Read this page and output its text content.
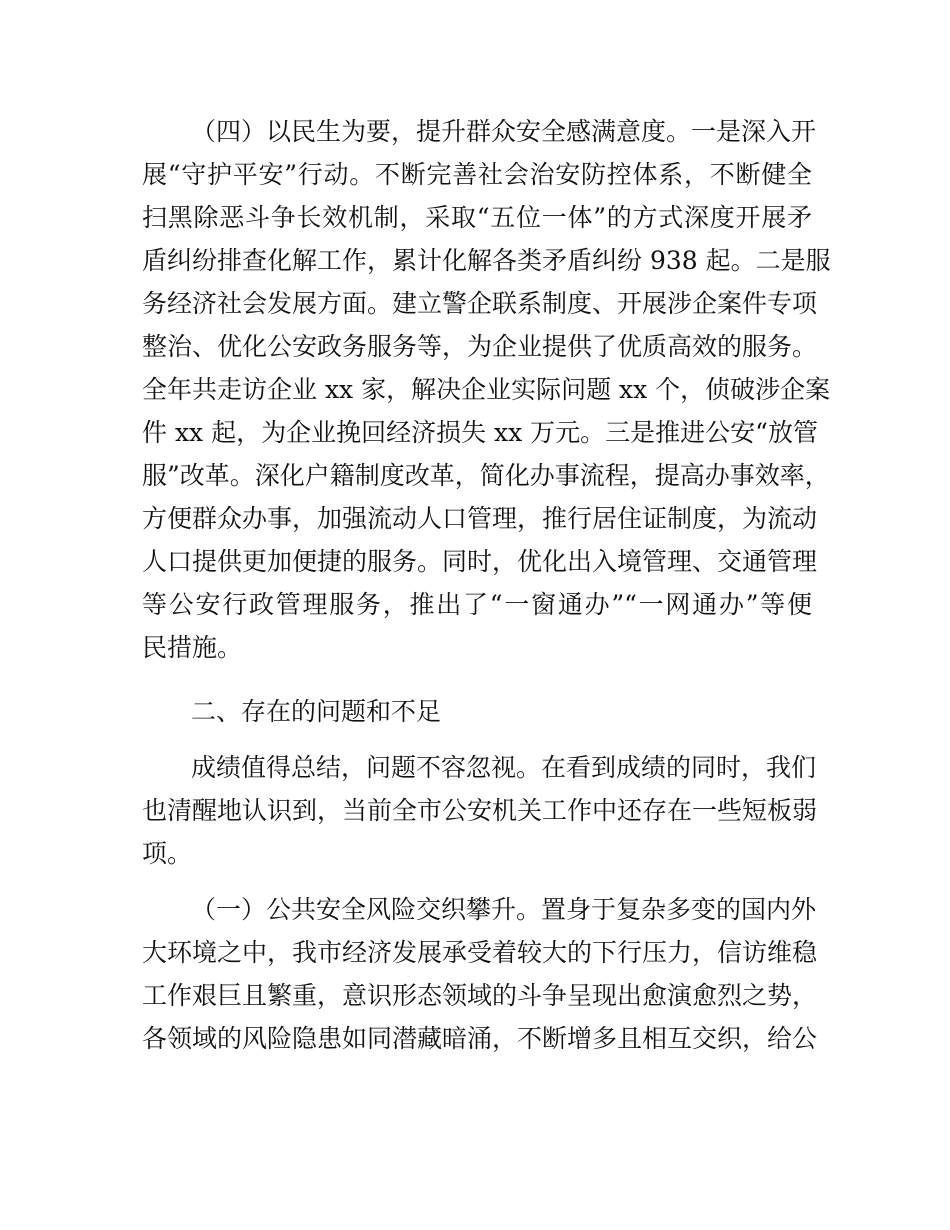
（四）以民生为要，提升群众安全感满意度。一是深入开
展“守护平安”行动。不断完善社会治安防控体系，不断健全
扫黑除恶斗争长效机制，采取“五位一体”的方式深度开展矛
盾纠纷排查化解工作，累计化解各类矛盾纠纷 938 起。二是服
务经济社会发展方面。建立警企联系制度、开展涉企案件专项
整治、优化公安政务服务等，为企业提供了优质高效的服务。
全年共走访企业 xx 家，解决企业实际问题 xx 个，侦破涉企案
件 xx 起，为企业挽回经济损失 xx 万元。三是推进公安“放管
服”改革。深化户籍制度改革，简化办事流程，提高办事效率，
方便群众办事，加强流动人口管理，推行居住证制度，为流动
人口提供更加便捷的服务。同时，优化出入境管理、交通管理
等公安行政管理服务，推出了“一窗通办”“一网通办”等便
民措施。
二、存在的问题和不足
成绩值得总结，问题不容忽视。在看到成绩的同时，我们
也清醒地认识到，当前全市公安机关工作中还存在一些短板弱
项。
（一）公共安全风险交织攀升。置身于复杂多变的国内外
大环境之中，我市经济发展承受着较大的下行压力，信访维稳
工作艰巨且繁重，意识形态领域的斗争呈现出愈演愈烈之势，
各领域的风险隐患如同潜藏暗涌，不断增多且相互交织，给公
